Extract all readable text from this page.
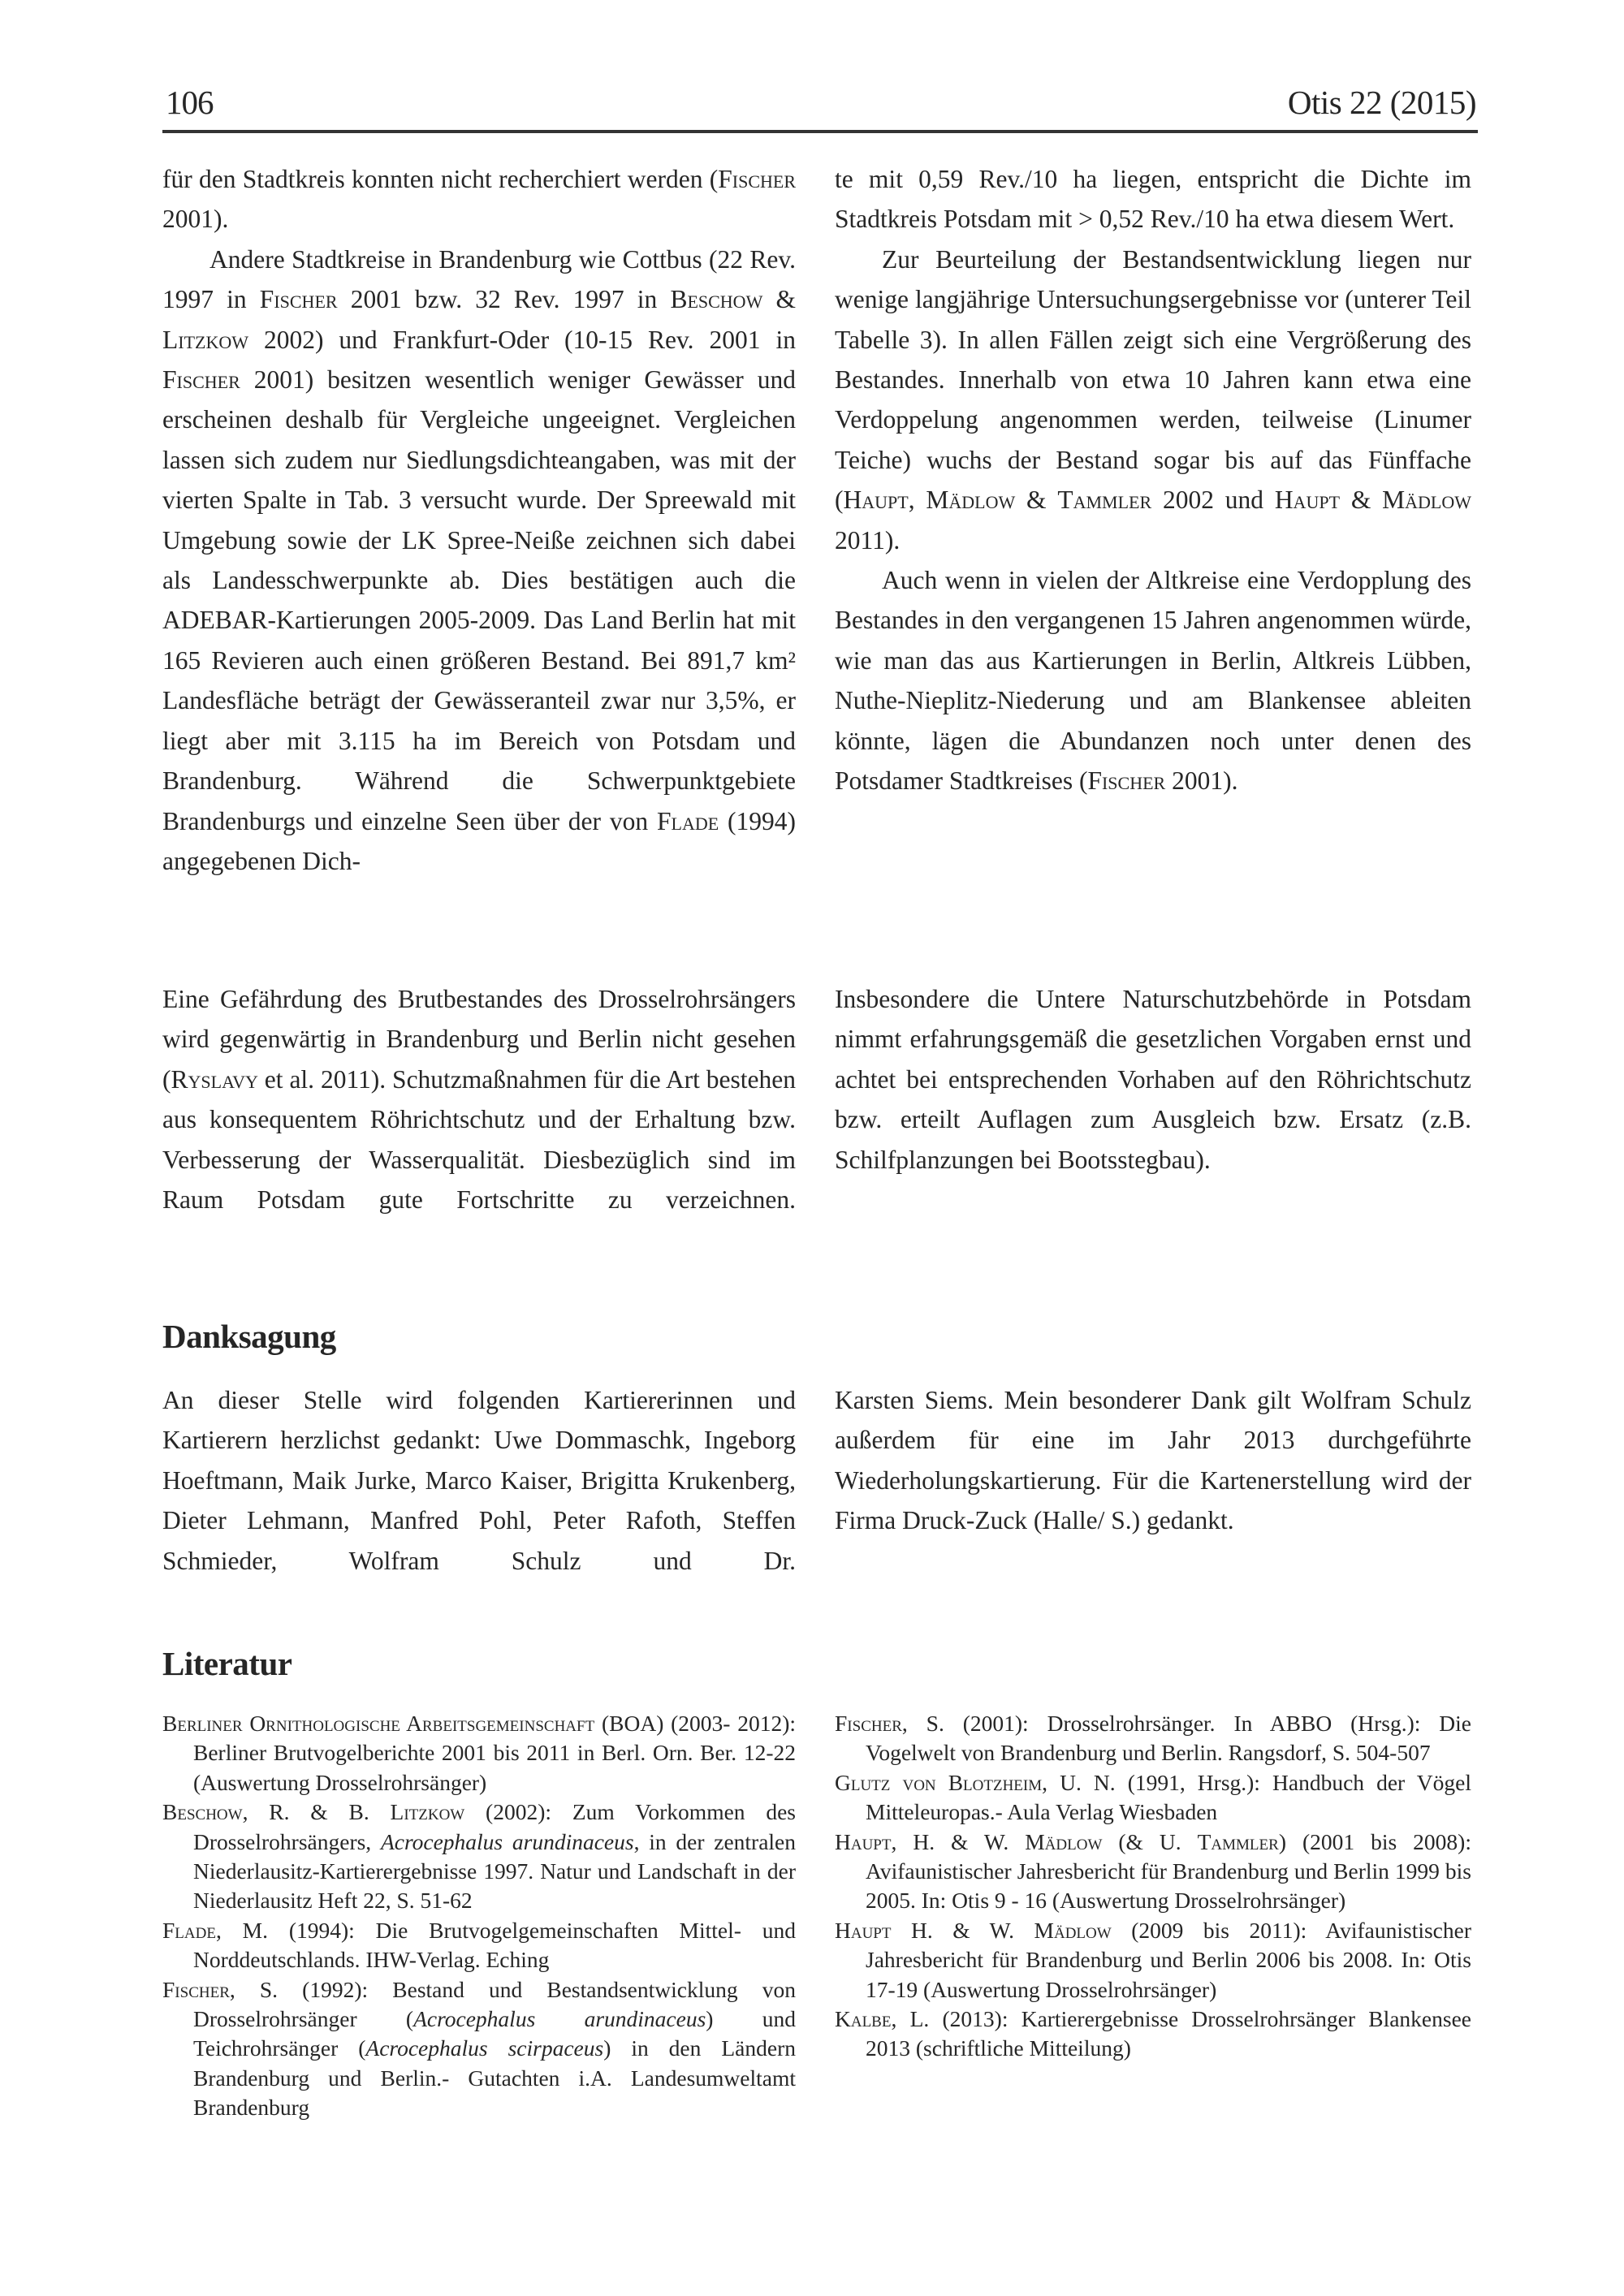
106	Otis 22 (2015)

für den Stadtkreis konnten nicht recherchiert werden (Fischer 2001).

Andere Stadtkreise in Brandenburg wie Cottbus (22 Rev. 1997 in Fischer 2001 bzw. 32 Rev. 1997 in Beschow & Litzkow 2002) und Frankfurt-Oder (10-15 Rev. 2001 in Fischer 2001) besitzen wesentlich weniger Gewässer und erscheinen deshalb für Vergleiche ungeeignet. Vergleichen lassen sich zudem nur Siedlungsdichteangaben, was mit der vierten Spalte in Tab. 3 versucht wurde. Der Spreewald mit Umgebung sowie der LK Spree-Neiße zeichnen sich dabei als Landesschwerpunkte ab. Dies bestätigen auch die ADEBAR-Kartierungen 2005-2009. Das Land Berlin hat mit 165 Revieren auch einen größeren Bestand. Bei 891,7 km² Landesfläche beträgt der Gewässeranteil zwar nur 3,5%, er liegt aber mit 3.115 ha im Bereich von Potsdam und Brandenburg. Während die Schwerpunktgebiete Brandenburgs und einzelne Seen über der von Flade (1994) angegebenen Dich-

te mit 0,59 Rev./10 ha liegen, entspricht die Dichte im Stadtkreis Potsdam mit > 0,52 Rev./10 ha etwa diesem Wert.

Zur Beurteilung der Bestandsentwicklung liegen nur wenige langjährige Untersuchungsergebnisse vor (unterer Teil Tabelle 3). In allen Fällen zeigt sich eine Vergrößerung des Bestandes. Innerhalb von etwa 10 Jahren kann etwa eine Verdoppelung angenommen werden, teilweise (Linumer Teiche) wuchs der Bestand sogar bis auf das Fünffache (Haupt, Mädlow & Tammler 2002 und Haupt & Mädlow 2011).

Auch wenn in vielen der Altkreise eine Verdopplung des Bestandes in den vergangenen 15 Jahren angenommen würde, wie man das aus Kartierungen in Berlin, Altkreis Lübben, Nuthe-Nieplitz-Niederung und am Blankensee ableiten könnte, lägen die Abundanzen noch unter denen des Potsdamer Stadtkreises (Fischer 2001).

Eine Gefährdung des Brutbestandes des Drosselrohrsängers wird gegenwärtig in Brandenburg und Berlin nicht gesehen (Ryslavy et al. 2011). Schutzmaßnahmen für die Art bestehen aus konsequentem Röhrichtschutz und der Erhaltung bzw. Verbesserung der Wasserqualität. Diesbezüglich sind im Raum Potsdam gute Fortschritte zu verzeichnen.

Insbesondere die Untere Naturschutzbehörde in Potsdam nimmt erfahrungsgemäß die gesetzlichen Vorgaben ernst und achtet bei entsprechenden Vorhaben auf den Röhrichtschutz bzw. erteilt Auflagen zum Ausgleich bzw. Ersatz (z.B. Schilfplanzungen bei Bootsstegbau).

Danksagung

An dieser Stelle wird folgenden Kartiererinnen und Kartierern herzlichst gedankt: Uwe Dommaschk, Ingeborg Hoeftmann, Maik Jurke, Marco Kaiser, Brigitta Krukenberg, Dieter Lehmann, Manfred Pohl, Peter Rafoth, Steffen Schmieder, Wolfram Schulz und Dr.

Karsten Siems. Mein besonderer Dank gilt Wolfram Schulz außerdem für eine im Jahr 2013 durchgeführte Wiederholungskartierung. Für die Kartenerstellung wird der Firma Druck-Zuck (Halle/ S.) gedankt.

Literatur

Berliner Ornithologische Arbeitsgemeinschaft (BOA) (2003- 2012): Berliner Brutvogelberichte 2001 bis 2011 in Berl. Orn. Ber. 12-22 (Auswertung Drosselrohrsänger)

Beschow, R. & B. Litzkow (2002): Zum Vorkommen des Drosselrohrsängers, Acrocephalus arundinaceus, in der zentralen Niederlausitz-Kartierergebnisse 1997. Natur und Landschaft in der Niederlausitz Heft 22, S. 51-62

Flade, M. (1994): Die Brutvogelgemeinschaften Mittel- und Norddeutschlands. IHW-Verlag. Eching

Fischer, S. (1992): Bestand und Bestandsentwicklung von Drosselrohrsänger (Acrocephalus arundinaceus) und Teichrohrsänger (Acrocephalus scirpaceus) in den Ländern Brandenburg und Berlin.- Gutachten i.A. Landesumweltamt Brandenburg

Fischer, S. (2001): Drosselrohrsänger. In ABBO (Hrsg.): Die Vogelwelt von Brandenburg und Berlin. Rangsdorf, S. 504-507

Glutz von Blotzheim, U. N. (1991, Hrsg.): Handbuch der Vögel Mitteleuropas.- Aula Verlag Wiesbaden

Haupt, H. & W. Mädlow (& U. Tammler) (2001 bis 2008): Avifaunistischer Jahresbericht für Brandenburg und Berlin 1999 bis 2005. In: Otis 9 - 16 (Auswertung Drosselrohrsänger)

Haupt H. & W. Mädlow (2009 bis 2011): Avifaunistischer Jahresbericht für Brandenburg und Berlin 2006 bis 2008. In: Otis 17-19 (Auswertung Drosselrohrsänger)

Kalbe, L. (2013): Kartierergebnisse Drosselrohrsänger Blankensee 2013 (schriftliche Mitteilung)
